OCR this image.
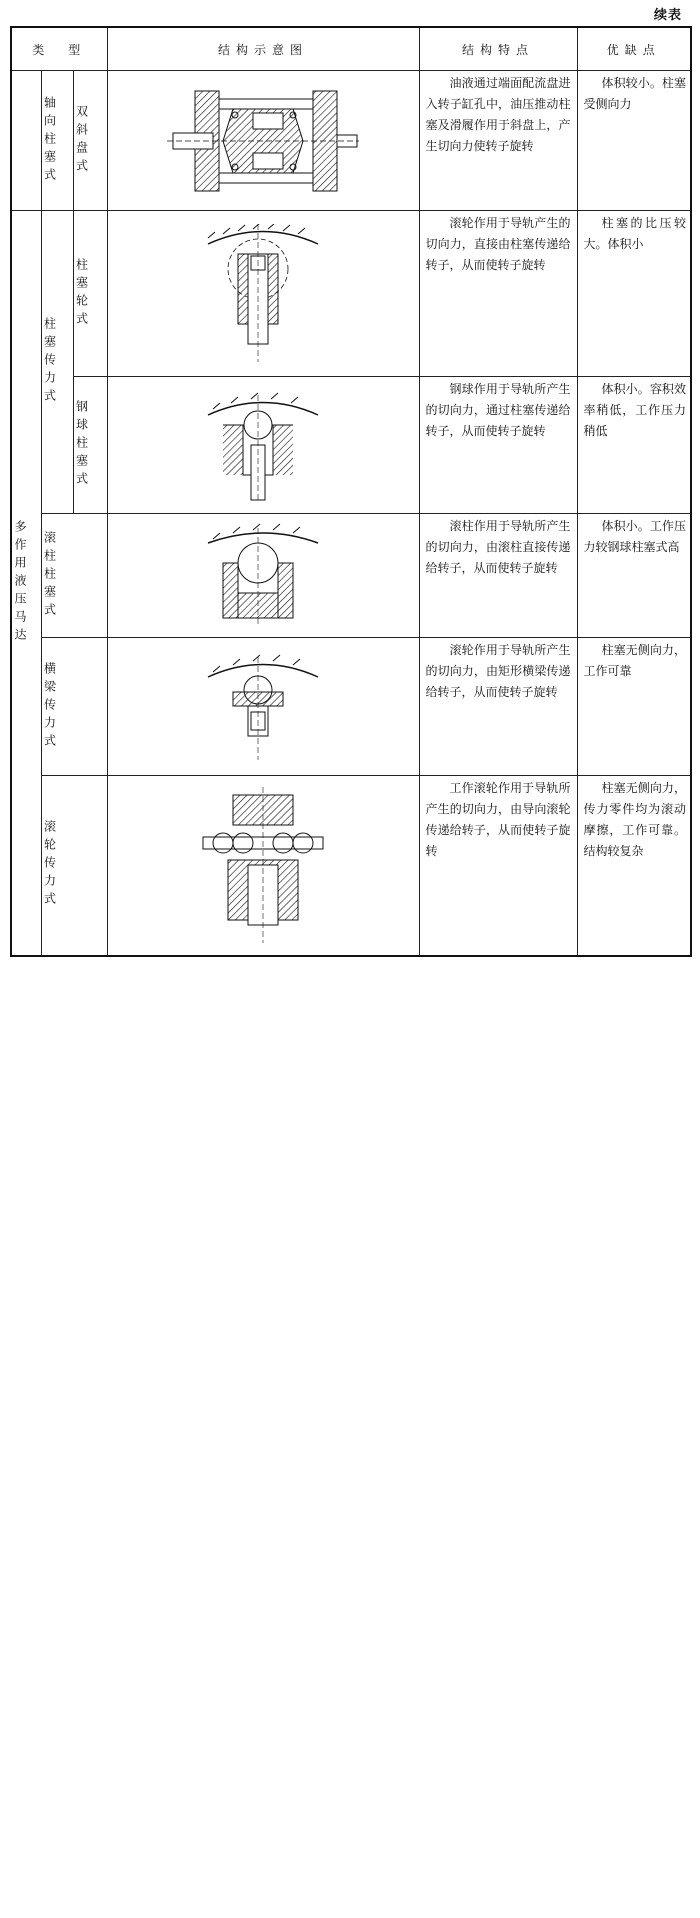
续表
类　型			结构示意图	结构特点	优缺点

轴向柱塞式	双斜盘式		油液通过端面配流盘进入转子缸孔中，油压推动柱塞及滑履作用于斜盘上，产生切向力使转子旋转	体积较小。柱塞受侧向力

多作用液压马达	柱塞传力式	柱塞轮式		滚轮作用于导轨产生的切向力，直接由柱塞传递给转子，从而使转子旋转	柱塞的比压较大。体积小

钢球柱塞式		钢球作用于导轨所产生的切向力，通过柱塞传递给转子，从而使转子旋转	体积小。容积效率稍低，工作压力稍低

滚柱柱塞式			滚柱作用于导轨所产生的切向力，由滚柱直接传递给转子，从而使转子旋转	体积小。工作压力较钢球柱塞式高

横梁传力式			滚轮作用于导轨所产生的切向力，由矩形横梁传递给转子，从而使转子旋转	柱塞无侧向力，工作可靠

滚轮传力式			工作滚轮作用于导轨所产生的切向力，由导向滚轮传递给转子，从而使转子旋转	柱塞无侧向力，传力零件均为滚动摩擦，工作可靠。结构较复杂
